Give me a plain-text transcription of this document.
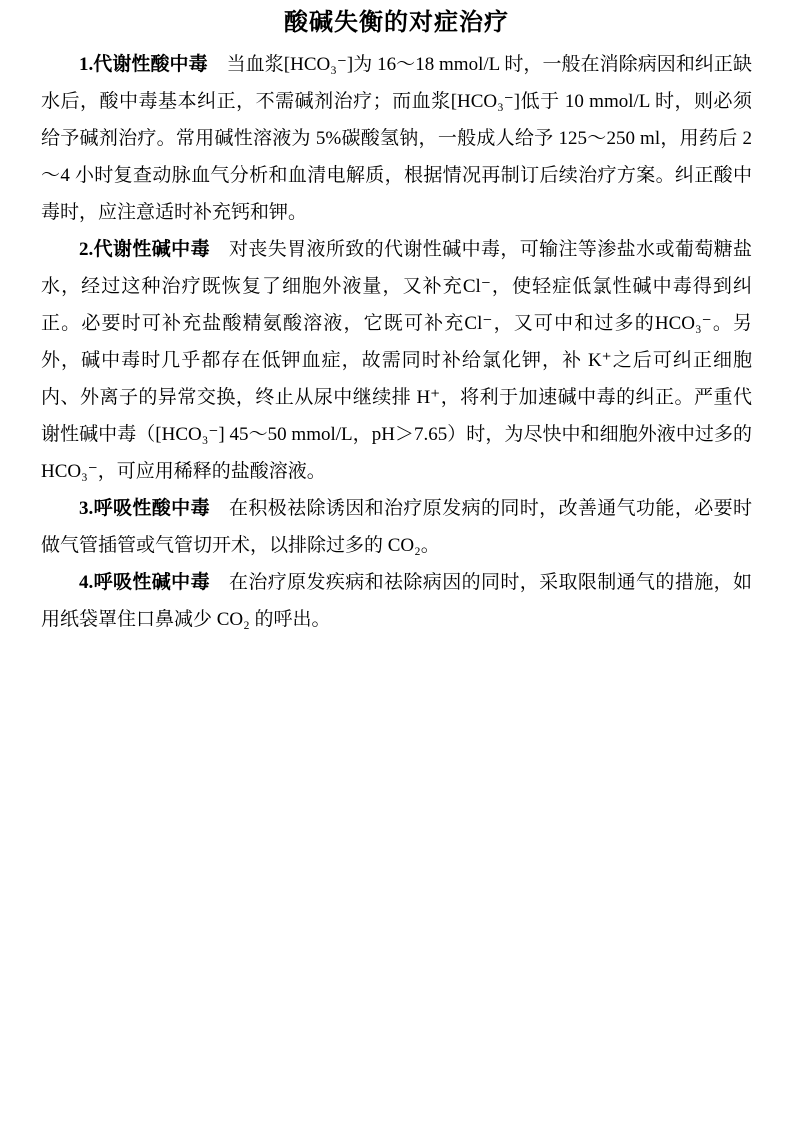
酸碱失衡的对症治疗

1.代谢性酸中毒 当血浆[HCO₃⁻]为 16～18 mmol/L 时，一般在消除病因和纠正缺水后，酸中毒基本纠正，不需碱剂治疗；而血浆[HCO₃⁻]低于 10 mmol/L 时，则必须给予碱剂治疗。常用碱性溶液为 5%碳酸氢钠，一般成人给予 125～250 ml，用药后 2～4 小时复查动脉血气分析和血清电解质，根据情况再制订后续治疗方案。纠正酸中毒时，应注意适时补充钙和钾。

2.代谢性碱中毒 对丧失胃液所致的代谢性碱中毒，可输注等渗盐水或葡萄糖盐水，经过这种治疗既恢复了细胞外液量，又补充Cl⁻，使轻症低氯性碱中毒得到纠正。必要时可补充盐酸精氨酸溶液，它既可补充Cl⁻，又可中和过多的HCO₃⁻。另外，碱中毒时几乎都存在低钾血症，故需同时补给氯化钾，补 K⁺之后可纠正细胞内、外离子的异常交换，终止从尿中继续排 H⁺，将利于加速碱中毒的纠正。严重代谢性碱中毒（[HCO₃⁻] 45～50 mmol/L，pH＞7.65）时，为尽快中和细胞外液中过多的HCO₃⁻，可应用稀释的盐酸溶液。

3.呼吸性酸中毒 在积极祛除诱因和治疗原发病的同时，改善通气功能，必要时做气管插管或气管切开术，以排除过多的 CO₂。

4.呼吸性碱中毒 在治疗原发疾病和祛除病因的同时，采取限制通气的措施，如用纸袋罩住口鼻减少 CO₂ 的呼出。
